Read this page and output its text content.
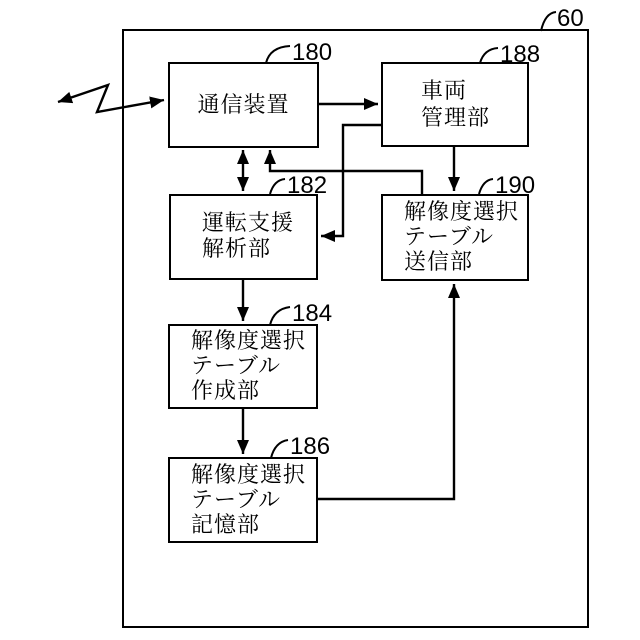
通信装置
車両
管理部
運転支援
解析部
解像度選択
テーブル
送信部
解像度選択
テーブル
作成部
解像度選択
テーブル
記憶部
60
180	188
182	190
184
186
